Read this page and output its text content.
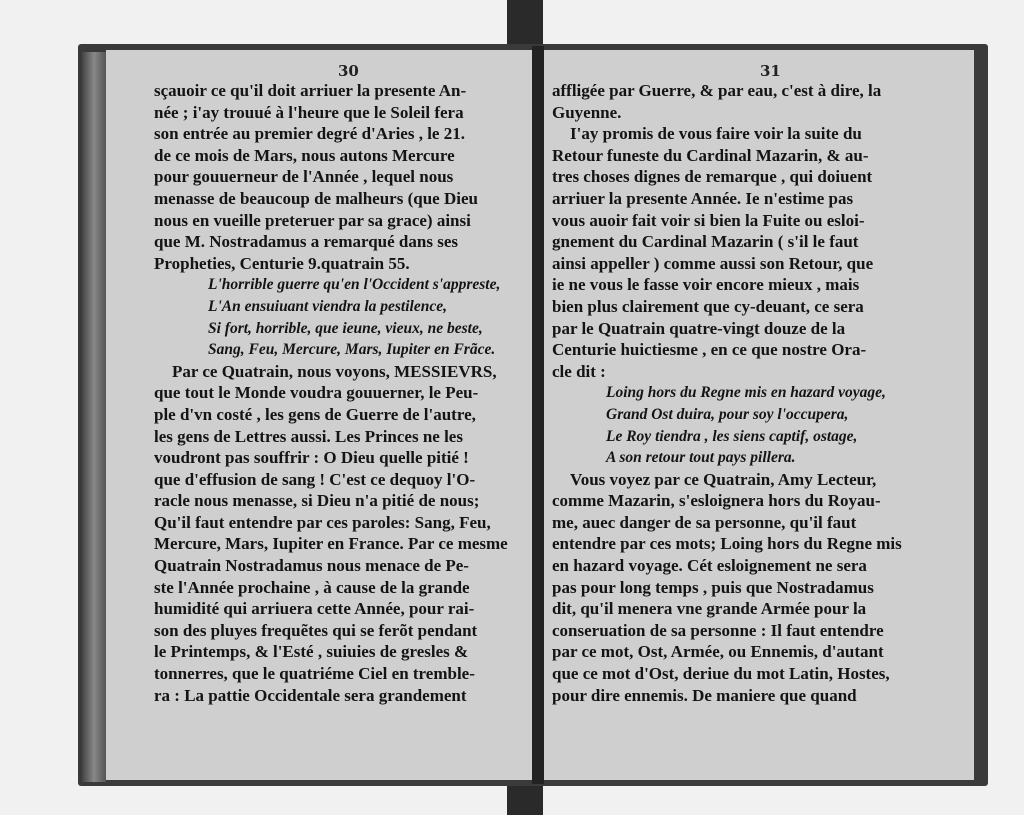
30
sçauoir ce qu'il doit arriuer la presente An-
née ; i'ay trouué à l'heure que le Soleil fera
son entrée au premier degré d'Aries , le 21.
de ce mois de Mars, nous autons Mercure
pour gouuerneur de l'Année , lequel nous
menasse de beaucoup de malheurs (que Dieu
nous en vueille preteruer par sa grace) ainsi
que M. Nostradamus a remarqué dans ses
Propheties, Centurie 9.quatrain 55.
L'horrible guerre qu'en l'Occident s'appreste,
L'An ensuiuant viendra la pestilence,
Si fort, horrible, que ieune, vieux, ne beste,
Sang, Feu, Mercure, Mars, Iupiter en Frãce.
Par ce Quatrain, nous voyons, MESSIEVRS,
que tout le Monde voudra gouuerner, le Peu-
ple d'vn costé , les gens de Guerre de l'autre,
les gens de Lettres aussi. Les Princes ne les
voudront pas souffrir : O Dieu quelle pitié !
que d'effusion de sang ! C'est ce dequoy l'O-
racle nous menasse, si Dieu n'a pitié de nous;
Qu'il faut entendre par ces paroles: Sang, Feu,
Mercure, Mars, Iupiter en France. Par ce mesme
Quatrain Nostradamus nous menace de Pe-
ste l'Année prochaine , à cause de la grande
humidité qui arriuera cette Année, pour rai-
son des pluyes frequẽtes qui se ferõt pendant
le Printemps, & l'Esté , suiuies de gresles &
tonnerres, que le quatriéme Ciel en tremble-
ra : La pattie Occidentale sera grandement
31
affligée par Guerre, & par eau, c'est à dire, la
Guyenne.
I'ay promis de vous faire voir la suite du
Retour funeste du Cardinal Mazarin, & au-
tres choses dignes de remarque , qui doiuent
arriuer la presente Année. Ie n'estime pas
vous auoir fait voir si bien la Fuite ou esloi-
gnement du Cardinal Mazarin ( s'il le faut
ainsi appeller ) comme aussi son Retour, que
ie ne vous le fasse voir encore mieux , mais
bien plus clairement que cy-deuant, ce sera
par le Quatrain quatre-vingt douze de la
Centurie huictiesme , en ce que nostre Ora-
cle dit :
Loing hors du Regne mis en hazard voyage,
Grand Ost duira, pour soy l'occupera,
Le Roy tiendra , les siens captif, ostage,
A son retour tout pays pillera.
Vous voyez par ce Quatrain, Amy Lecteur,
comme Mazarin, s'esloignera hors du Royau-
me, auec danger de sa personne, qu'il faut
entendre par ces mots; Loing hors du Regne mis
en hazard voyage. Cét esloignement ne sera
pas pour long temps , puis que Nostradamus
dit, qu'il menera vne grande Armée pour la
conseruation de sa personne : Il faut entendre
par ce mot, Ost, Armée, ou Ennemis, d'autant
que ce mot d'Ost, deriue du mot Latin, Hostes,
pour dire ennemis. De maniere que quand
